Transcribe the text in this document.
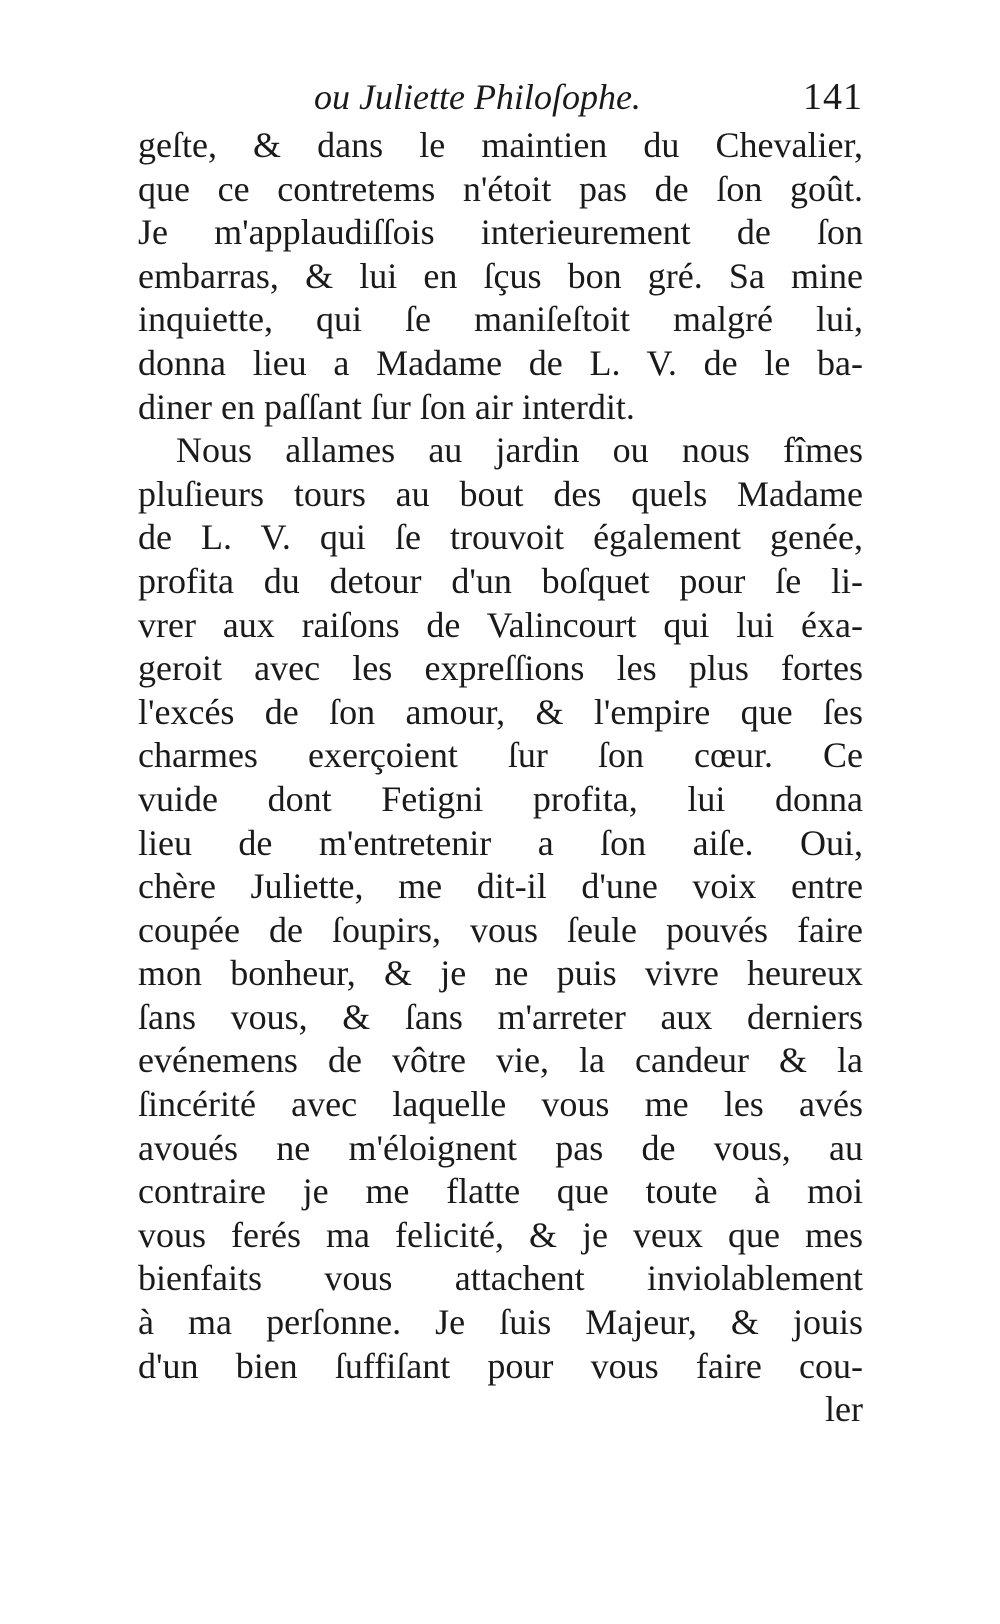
ou Juliette Philoſophe.	141
geſte, & dans le maintien du Chevalier,
que ce contretems n'étoit pas de ſon goût.
Je m'applaudiſſois interieurement de ſon
embarras, & lui en ſçus bon gré. Sa mine
inquiette, qui ſe maniſeſtoit malgré lui,
donna lieu a Madame de L. V. de le ba-
diner en paſſant ſur ſon air interdit.
Nous allames au jardin ou nous fîmes
pluſieurs tours au bout des quels Madame
de L. V. qui ſe trouvoit également genée,
profita du detour d'un boſquet pour ſe li-
vrer aux raiſons de Valincourt qui lui éxa-
geroit avec les expreſſions les plus fortes
l'excés de ſon amour, & l'empire que ſes
charmes exerçoient ſur ſon cœur. Ce
vuide dont Fetigni profita, lui donna
lieu de m'entretenir a ſon aiſe. Oui,
chère Juliette, me dit-il d'une voix entre
coupée de ſoupirs, vous ſeule pouvés faire
mon bonheur, & je ne puis vivre heureux
ſans vous, & ſans m'arreter aux derniers
evénemens de vôtre vie, la candeur & la
ſincérité avec laquelle vous me les avés
avoués ne m'éloignent pas de vous, au
contraire je me flatte que toute à moi
vous ferés ma felicité, & je veux que mes
bienfaits vous attachent inviolablement
à ma perſonne. Je ſuis Majeur, & jouis
d'un bien ſuffiſant pour vous faire cou-
ler
